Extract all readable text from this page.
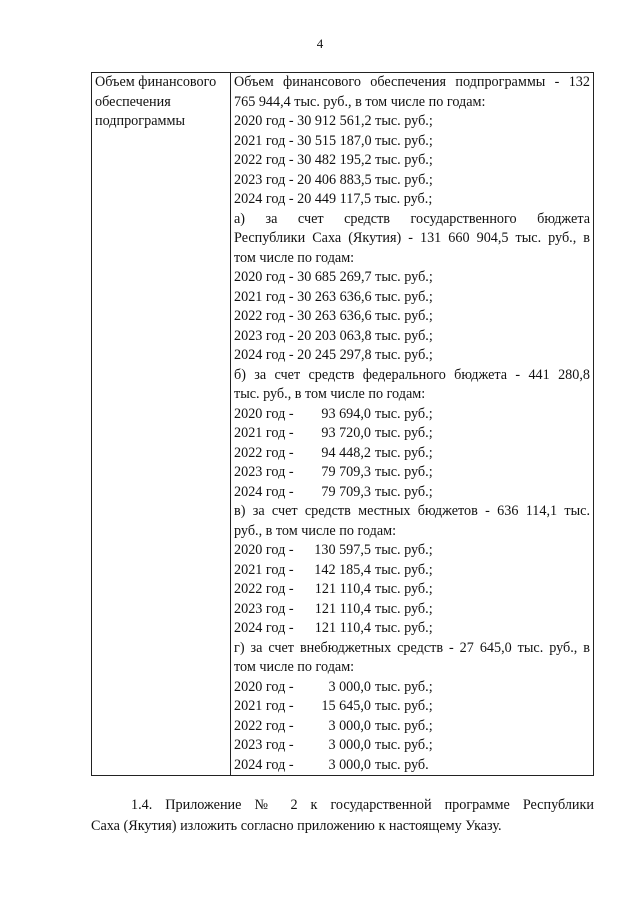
4
Объем финансового
обеспечения
подпрограммы

Объем финансового обеспечения подпрограммы - 132
765 944,4 тыс. руб., в том числе по годам:
2020 год - 30 912 561,2 тыс. руб.;
2021 год - 30 515 187,0 тыс. руб.;
2022 год - 30 482 195,2 тыс. руб.;
2023 год - 20 406 883,5 тыс. руб.;
2024 год - 20 449 117,5 тыс. руб.;
а) за счет средств государственного бюджета
Республики Саха (Якутия) - 131 660 904,5 тыс. руб., в
том числе по годам:
2020 год - 30 685 269,7 тыс. руб.;
2021 год - 30 263 636,6 тыс. руб.;
2022 год - 30 263 636,6 тыс. руб.;
2023 год - 20 203 063,8 тыс. руб.;
2024 год - 20 245 297,8 тыс. руб.;
б) за счет средств федерального бюджета - 441 280,8
тыс. руб., в том числе по годам:
2020 год - 93 694,0 тыс. руб.;
2021 год - 93 720,0 тыс. руб.;
2022 год - 94 448,2 тыс. руб.;
2023 год - 79 709,3 тыс. руб.;
2024 год - 79 709,3 тыс. руб.;
в) за счет средств местных бюджетов - 636 114,1 тыс.
руб., в том числе по годам:
2020 год - 130 597,5 тыс. руб.;
2021 год - 142 185,4 тыс. руб.;
2022 год - 121 110,4 тыс. руб.;
2023 год - 121 110,4 тыс. руб.;
2024 год - 121 110,4 тыс. руб.;
г) за счет внебюджетных средств - 27 645,0 тыс. руб., в
том числе по годам:
2020 год - 3 000,0 тыс. руб.;
2021 год - 15 645,0 тыс. руб.;
2022 год - 3 000,0 тыс. руб.;
2023 год - 3 000,0 тыс. руб.;
2024 год - 3 000,0 тыс. руб.
1.4. Приложение № 2 к государственной программе Республики
Саха (Якутия) изложить согласно приложению к настоящему Указу.
